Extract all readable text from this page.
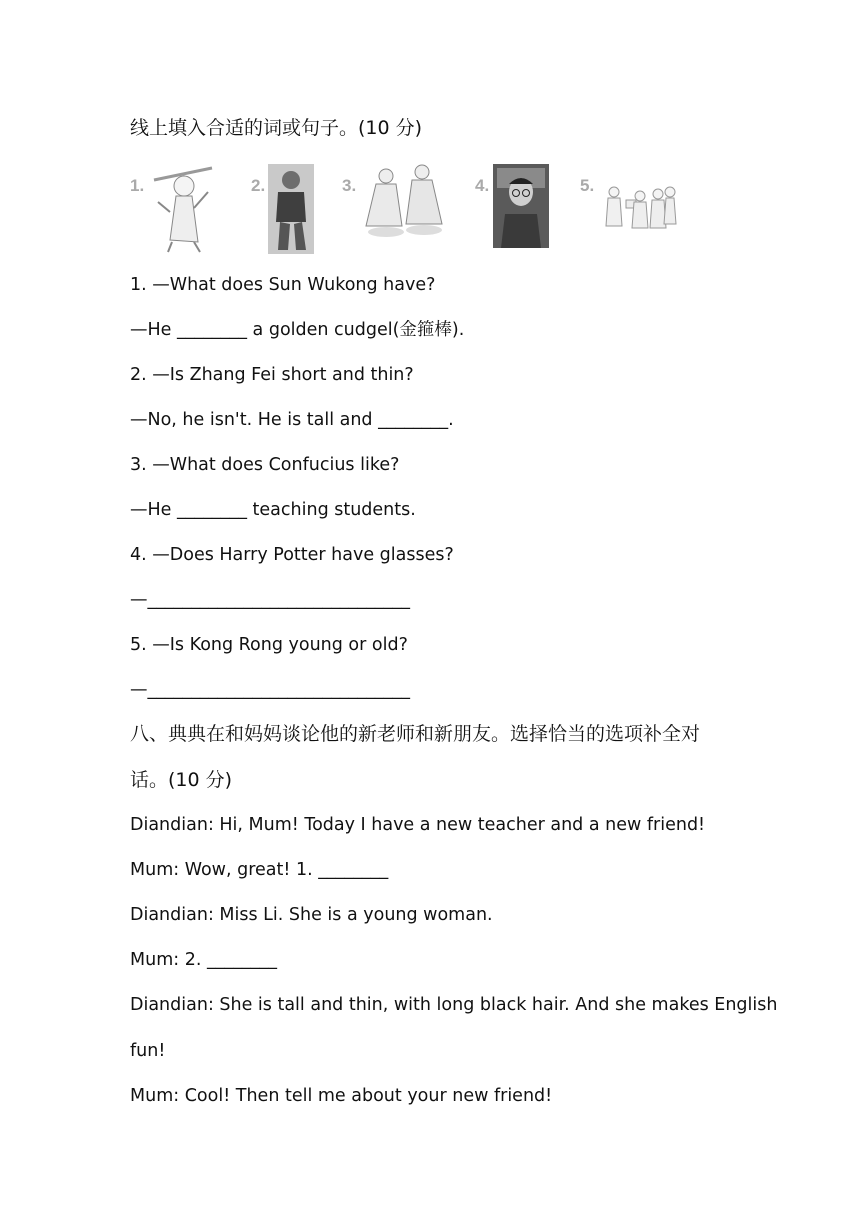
线上填入合适的词或句子。(10 分)
1.	2.	3.	4.	5.
1. —What does Sun Wukong have?
—He ________ a golden cudgel(金箍棒).
2. —Is Zhang Fei short and thin?
—No, he isn't. He is tall and ________.
3. —What does Confucius like?
—He ________ teaching students.
4. —Does Harry Potter have glasses?
—______________________________
5. —Is Kong Rong young or old?
—______________________________
八、典典在和妈妈谈论他的新老师和新朋友。选择恰当的选项补全对
话。(10 分)
Diandian: Hi, Mum! Today I have a new teacher and a new friend!
Mum: Wow, great! 1. ________
Diandian: Miss Li. She is a young woman.
Mum: 2. ________
Diandian: She is tall and thin, with long black hair. And she makes English
fun!
Mum: Cool! Then tell me about your new friend!
